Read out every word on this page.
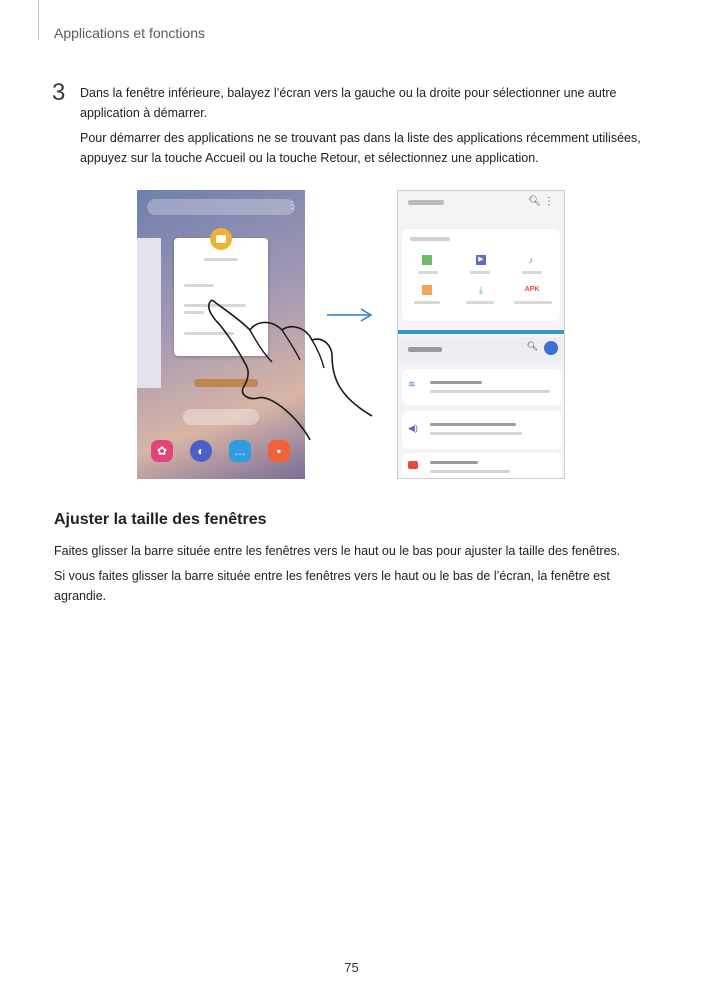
Applications et fonctions
3 Dans la fenêtre inférieure, balayez l’écran vers la gauche ou la droite pour sélectionner une autre application à démarrer.
Pour démarrer des applications ne se trouvant pas dans la liste des applications récemment utilisées, appuyez sur la touche Accueil ou la touche Retour, et sélectionnez une application.
⋮
✿	◐	…	▪
🔍︎ ⋮
▶	♪
⤓	APK
🔍︎
≋
◀)
Ajuster la taille des fenêtres
Faites glisser la barre située entre les fenêtres vers le haut ou le bas pour ajuster la taille des fenêtres.
Si vous faites glisser la barre située entre les fenêtres vers le haut ou le bas de l’écran, la fenêtre est agrandie.
75
